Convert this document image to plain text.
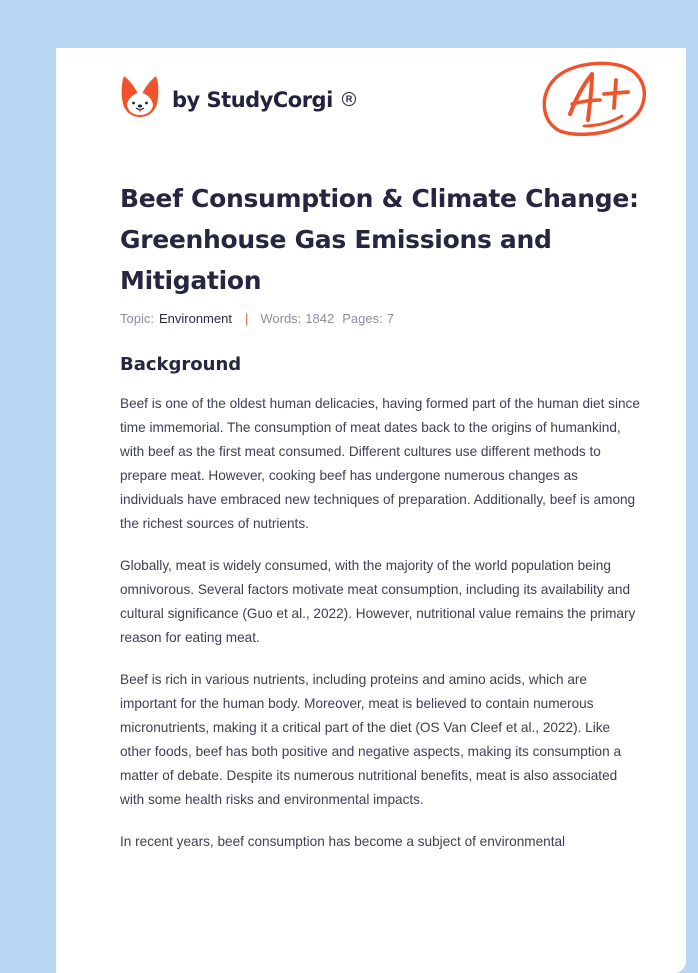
by StudyCorgi	R
Beef Consumption & Climate Change: Greenhouse Gas Emissions and Mitigation
Topic: Environment | Words: 1842 Pages: 7
Background

Beef is one of the oldest human delicacies, having formed part of the human diet since time immemorial. The consumption of meat dates back to the origins of humankind, with beef as the first meat consumed. Different cultures use different methods to prepare meat. However, cooking beef has undergone numerous changes as individuals have embraced new techniques of preparation. Additionally, beef is among the richest sources of nutrients.

Globally, meat is widely consumed, with the majority of the world population being omnivorous. Several factors motivate meat consumption, including its availability and cultural significance (Guo et al., 2022). However, nutritional value remains the primary reason for eating meat.

Beef is rich in various nutrients, including proteins and amino acids, which are important for the human body. Moreover, meat is believed to contain numerous micronutrients, making it a critical part of the diet (OS Van Cleef et al., 2022). Like other foods, beef has both positive and negative aspects, making its consumption a matter of debate. Despite its numerous nutritional benefits, meat is also associated with some health risks and environmental impacts.

In recent years, beef consumption has become a subject of environmental
